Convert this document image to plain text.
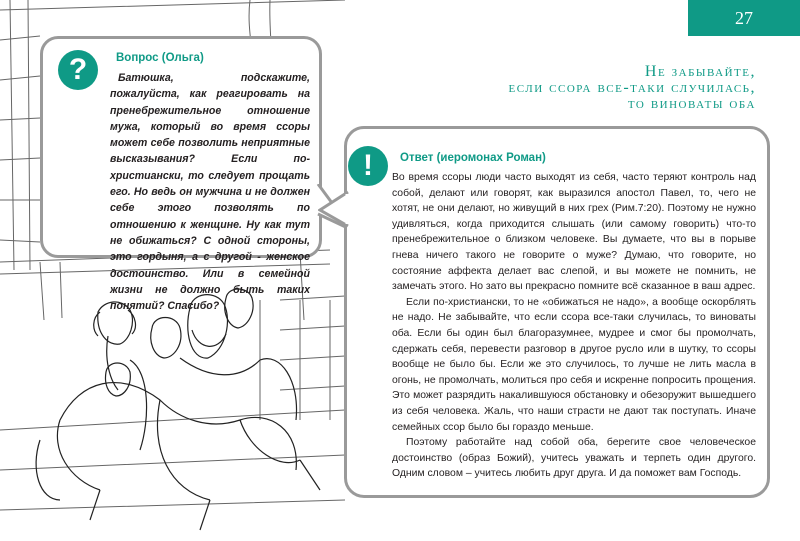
27
Не забывайте,
если ссора все-таки случилась,
то виноваты оба
?	Вопрос (Ольга)
Батюшка, подскажите, пожалуйста, как реагировать на пренебрежительное отношение мужа, который во время ссоры может себе позволить неприятные высказывания? Если по-христиански, то следует прощать его. Но ведь он мужчина и не должен себе этого позволять по отношению к женщине. Ну как тут не обижаться? С одной стороны, это гордыня, а с другой - женское достоинство. Или в семейной жизни не должно быть таких понятий? Спасибо?
!	Ответ (иеромонах Роман)

Во время ссоры люди часто выходят из себя, часто теряют контроль над собой, делают или говорят, как выразился апостол Павел, то, чего не хотят, не они делают, но живущий в них грех (Рим.7:20). Поэтому не нужно удивляться, когда приходится слышать (или самому говорить) что-то пренебрежительное о близком человеке. Вы думаете, что вы в порыве гнева ничего такого не говорите о муже? Думаю, что говорите, но состояние аффекта делает вас слепой, и вы можете не помнить, не замечать этого. Но зато вы прекрасно помните всё сказанное в ваш адрес.

Если по-христиански, то не «обижаться не надо», а вообще оскорблять не надо. Не забывайте, что если ссора все-таки случилась, то виноваты оба. Если бы один был благоразумнее, мудрее и смог бы промолчать, сдержать себя, перевести разговор в другое русло или в шутку, то ссоры вообще не было бы. Если же это случилось, то лучше не лить масла в огонь, не промолчать, молиться про себя и искренне попросить прощения. Это может разрядить накалившуюся обстановку и обезоружит вышедшего из себя человека. Жаль, что наши страсти не дают так поступать. Иначе семейных ссор было бы гораздо меньше.

Поэтому работайте над собой оба, берегите свое человеческое достоинство (образ Божий), учитесь уважать и терпеть один другого. Одним словом – учитесь любить друг друга. И да поможет вам Господь.
